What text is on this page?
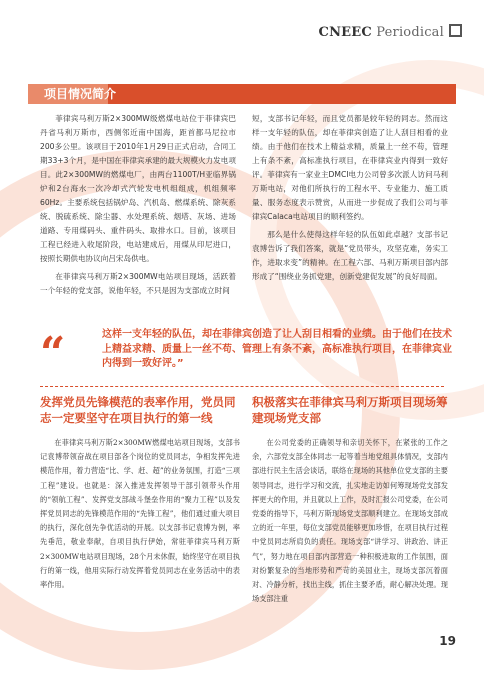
CNEEC Periodical
项目情况简介

菲律宾马利万斯2×300MW级燃煤电站位于菲律宾巴丹省马利万斯市，西侧邻近南中国海，距首都马尼拉市200多公里。该项目于2010年1月29日正式启动，合同工期33+3个月，是中国在菲律宾承建的最大规模火力发电项目。此2×300MW的燃煤电厂，由两台1100T/H亚临界锅炉和2台海水一次冷却式汽轮发电机组组成，机组频率60Hz。主要系统包括锅炉岛、汽机岛、燃煤系统、除灰系统、脱硫系统、除尘器、水处理系统、烟塔、灰场、进场道路、专用煤码头、重件码头、取排水口。目前，该项目工程已经进入收尾阶段，电站建成后，用煤从印尼进口，按照长期供电协议向吕宋岛供电。

在菲律宾马利万斯2×300MW电站项目现场，活跃着一个年轻的党支部，说他年轻，不只是因为支部成立时间

短，支部书记年轻，而且党员都是较年轻的同志。然而这样一支年轻的队伍，却在菲律宾创造了让人刮目相看的业绩。由于他们在技术上精益求精，质量上一丝不苟，管理上有条不紊，高标准执行项目，在菲律宾业内得到一致好评。菲律宾有一家业主DMCI电力公司曾多次派人访问马利万斯电站，对他们所执行的工程水平、专业能力、施工质量、服务态度表示赞赏，从而进一步促成了我们公司与菲律宾Calaca电站项目的顺利签约。

那么是什么使得这样年轻的队伍如此卓越？支部书记袁博告诉了我们答案，就是“党员带头，攻坚克难，务实工作，进取求变”的精神。在工程六部、马利万斯项目部内部形成了“围绕业务抓党建，创新党建促发展”的良好局面。

“	这样一支年轻的队伍，却在菲律宾创造了让人刮目相看的业绩。由于他们在技术上精益求精、质量上一丝不苟、管理上有条不紊，高标准执行项目，在菲律宾业内得到一致好评。”
发挥党员先锋模范的表率作用，党员同志一定要坚守在项目执行的第一线

在菲律宾马利万斯2×300MW燃煤电站项目现场，支部书记袁博带领奋战在项目部各个岗位的党员同志，争相发挥先进模范作用，着力营造“比、学、赶、超”的业务氛围，打造“三项工程”建设。也就是：深入推进发挥领导干部引领带头作用的“领航工程”、发挥党支部战斗堡垒作用的“聚力工程”以及发挥党员同志的先锋模范作用的“先锋工程”，他们通过重大项目的执行，深化创先争优活动的开展。以支部书记袁博为例，率先垂范，敬业奉献，自项目执行伊始，常驻菲律宾马利万斯2×300MW电站项目现场，28个月未休假，始终坚守在项目执行的第一线，他用实际行动发挥着党员同志在业务活动中的表率作用。

积极落实在菲律宾马利万斯项目现场筹建现场党支部

在公司党委的正确领导和亲切关怀下，在紧张的工作之余，六部党支部全体同志一起等着当地党组具体情况，支部内部进行民主生活会谈话，联络在现场的其他单位党支部的主要领导同志，进行学习和交流，扎实地走访如何筹现场党支部发挥更大的作用，并且就以上工作，及时汇报公司党委，在公司党委的指导下，马利万斯现场党支部顺利建立。在现场支部成立的近一年里，每位支部党员能够更加珍惜，在项目执行过程中党员同志所肩负的责任。现场支部“讲学习、讲政治、讲正气”，努力地在项目部内部营造一种积极进取的工作氛围，面对纷繁复杂的当地形势和严苛的美国业主，现场支部沉着面对、冷静分析，找出主线，抓住主要矛盾，耐心解决处理。现场支部注重

19
